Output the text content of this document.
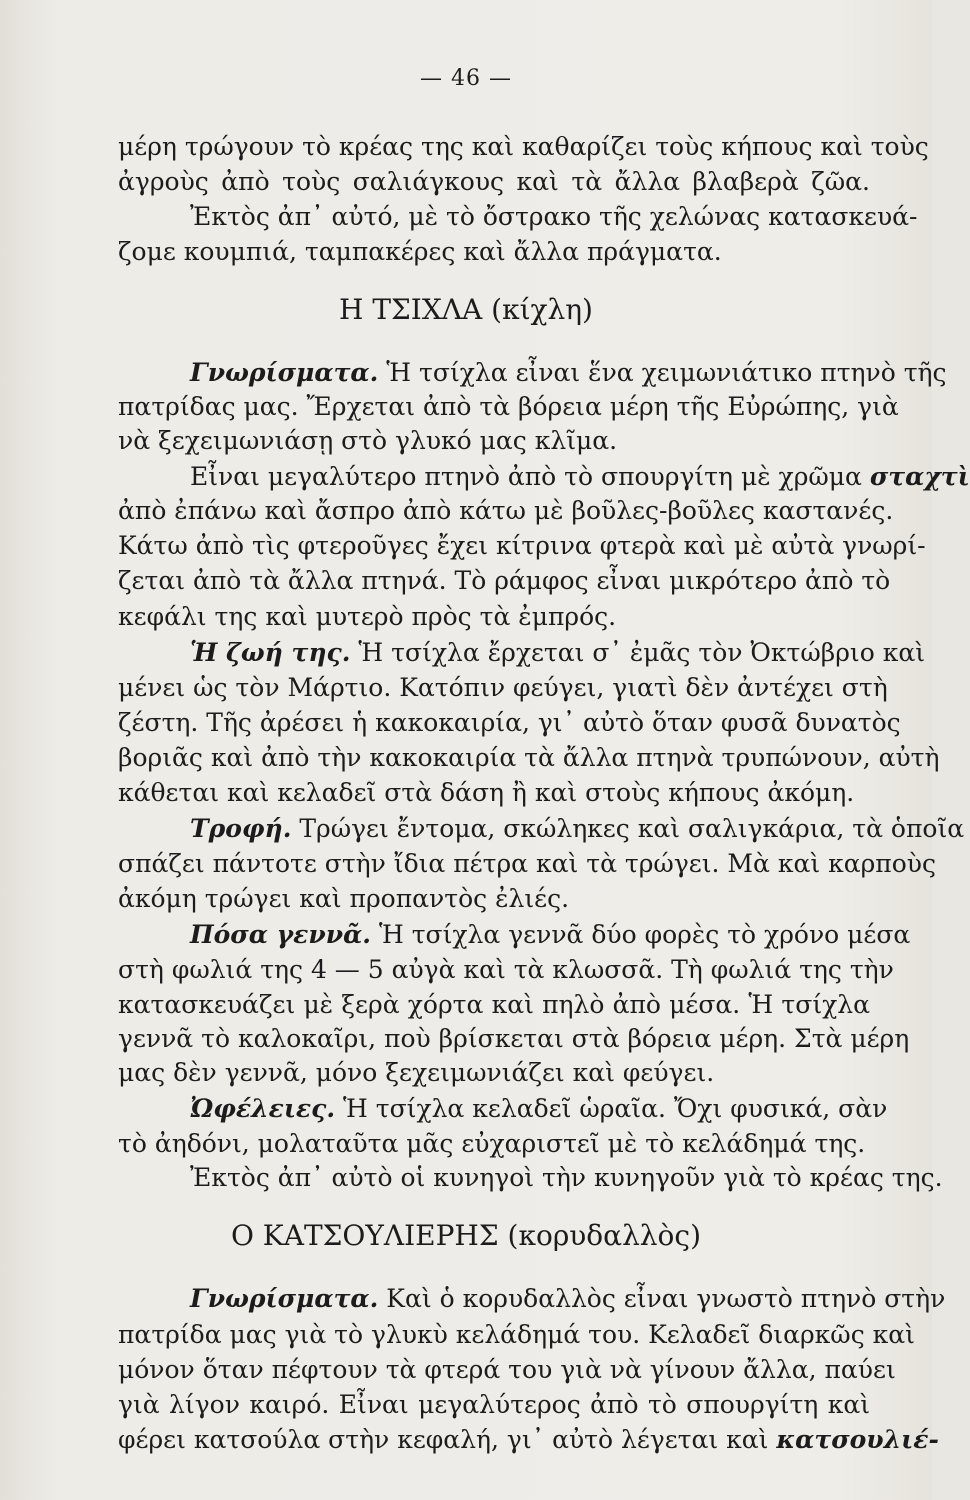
— 46 —
μέρη τρώγουν τὸ κρέας της καὶ καθαρίζει τοὺς κήπους καὶ τοὺς
ἀγροὺς ἀπὸ τοὺς σαλιάγκους καὶ τὰ ἄλλα βλαβερὰ ζῶα.
Ἐκτὸς ἀπ᾿ αὐτό, μὲ τὸ ὄστρακο τῆς χελώνας κατασκευά-
ζομε κουμπιά, ταμπακέρες καὶ ἄλλα πράγματα.
Η ΤΣΙΧΛΑ (κίχλη)
Γνωρίσματα. Ἡ τσίχλα εἶναι ἕνα χειμωνιάτικο πτηνὸ τῆς
πατρίδας μας. Ἔρχεται ἀπὸ τὰ βόρεια μέρη τῆς Εὐρώπης, γιὰ
νὰ ξεχειμωνιάσῃ στὸ γλυκό μας κλῖμα.
Εἶναι μεγαλύτερο πτηνὸ ἀπὸ τὸ σπουργίτη μὲ χρῶμα σταχτὶ
ἀπὸ ἐπάνω καὶ ἄσπρο ἀπὸ κάτω μὲ βοῦλες-βοῦλες καστανές.
Κάτω ἀπὸ τὶς φτεροῦγες ἔχει κίτρινα φτερὰ καὶ μὲ αὐτὰ γνωρί-
ζεται ἀπὸ τὰ ἄλλα πτηνά. Τὸ ράμφος εἶναι μικρότερο ἀπὸ τὸ
κεφάλι της καὶ μυτερὸ πρὸς τὰ ἐμπρός.
Ἡ ζωή της. Ἡ τσίχλα ἔρχεται σ᾿ ἐμᾶς τὸν Ὀκτώβριο καὶ
μένει ὡς τὸν Μάρτιο. Κατόπιν φεύγει, γιατὶ δὲν ἀντέχει στὴ
ζέστη. Τῆς ἀρέσει ἡ κακοκαιρία, γι᾿ αὐτὸ ὅταν φυσᾶ δυνατὸς
βοριᾶς καὶ ἀπὸ τὴν κακοκαιρία τὰ ἄλλα πτηνὰ τρυπώνουν, αὐτὴ
κάθεται καὶ κελαδεῖ στὰ δάση ἢ καὶ στοὺς κήπους ἀκόμη.
Τροφή. Τρώγει ἔντομα, σκώληκες καὶ σαλιγκάρια, τὰ ὁποῖα
σπάζει πάντοτε στὴν ἴδια πέτρα καὶ τὰ τρώγει. Μὰ καὶ καρποὺς
ἀκόμη τρώγει καὶ προπαντὸς ἐλιές.
Πόσα γεννᾶ. Ἡ τσίχλα γεννᾶ δύο φορὲς τὸ χρόνο μέσα
στὴ φωλιά της 4 — 5 αὐγὰ καὶ τὰ κλωσσᾶ. Τὴ φωλιά της τὴν
κατασκευάζει μὲ ξερὰ χόρτα καὶ πηλὸ ἀπὸ μέσα. Ἡ τσίχλα
γεννᾶ τὸ καλοκαῖρι, ποὺ βρίσκεται στὰ βόρεια μέρη. Στὰ μέρη
μας δὲν γεννᾶ, μόνο ξεχειμωνιάζει καὶ φεύγει.
Ὠφέλειες. Ἡ τσίχλα κελαδεῖ ὡραῖα. Ὄχι φυσικά, σὰν
τὸ ἀηδόνι, μολαταῦτα μᾶς εὐχαριστεῖ μὲ τὸ κελάδημά της.
Ἐκτὸς ἀπ᾿ αὐτὸ οἱ κυνηγοὶ τὴν κυνηγοῦν γιὰ τὸ κρέας της.
Ο ΚΑΤΣΟΥΛΙΕΡΗΣ (κορυδαλλὸς)
Γνωρίσματα. Καὶ ὁ κορυδαλλὸς εἶναι γνωστὸ πτηνὸ στὴν
πατρίδα μας γιὰ τὸ γλυκὺ κελάδημά του. Κελαδεῖ διαρκῶς καὶ
μόνον ὅταν πέφτουν τὰ φτερά του γιὰ νὰ γίνουν ἄλλα, παύει
γιὰ λίγον καιρό. Εἶναι μεγαλύτερος ἀπὸ τὸ σπουργίτη καὶ
φέρει κατσούλα στὴν κεφαλή, γι᾿ αὐτὸ λέγεται καὶ κατσουλιέ-
